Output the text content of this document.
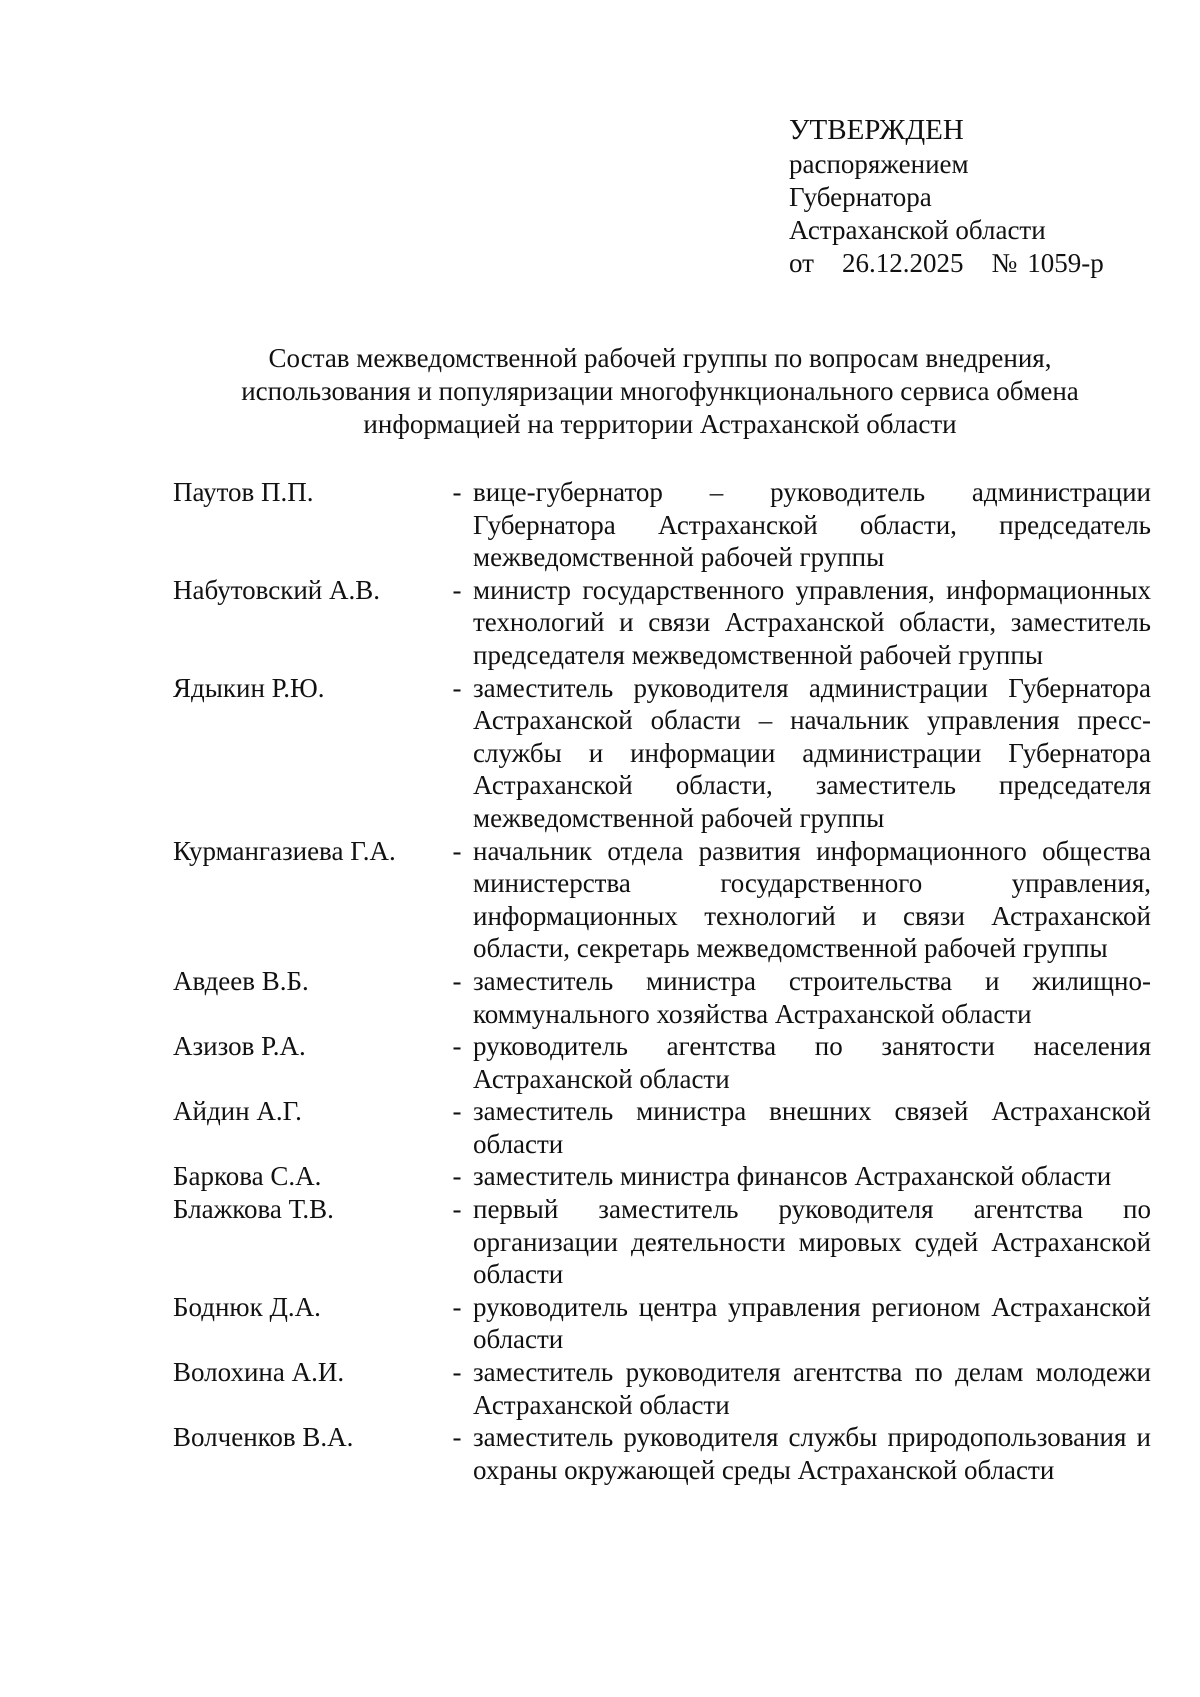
УТВЕРЖДЕН
распоряжением
Губернатора
Астраханской области
от 26.12.2025 № 1059-р
Состав межведомственной рабочей группы по вопросам внедрения,
использования и популяризации многофункционального сервиса обмена
информацией на территории Астраханской области
Паутов П.П.	- вице-губернатор – руководитель администрации Губернатора Астраханской области, председатель межведомственной рабочей группы
Набутовский А.В.	- министр государственного управления, информационных технологий и связи Астраханской области, заместитель председателя межведомственной рабочей группы
Ядыкин Р.Ю.	- заместитель руководителя администрации Губернатора Астраханской области – начальник управления пресс-службы и информации администрации Губернатора Астраханской области, заместитель председателя межведомственной рабочей группы
Курмангазиева Г.А.	- начальник отдела развития информационного общества министерства государственного управления, информационных технологий и связи Астраханской области, секретарь межведомственной рабочей группы
Авдеев В.Б.	- заместитель министра строительства и жилищно-коммунального хозяйства Астраханской области
Азизов Р.А.	- руководитель агентства по занятости населения Астраханской области
Айдин А.Г.	- заместитель министра внешних связей Астраханской области
Баркова С.А.	- заместитель министра финансов Астраханской области
Блажкова Т.В.	- первый заместитель руководителя агентства по организации деятельности мировых судей Астраханской области
Боднюк Д.А.	- руководитель центра управления регионом Астраханской области
Волохина А.И.	- заместитель руководителя агентства по делам молодежи Астраханской области
Волченков В.А.	- заместитель руководителя службы природопользования и охраны окружающей среды Астраханской области
